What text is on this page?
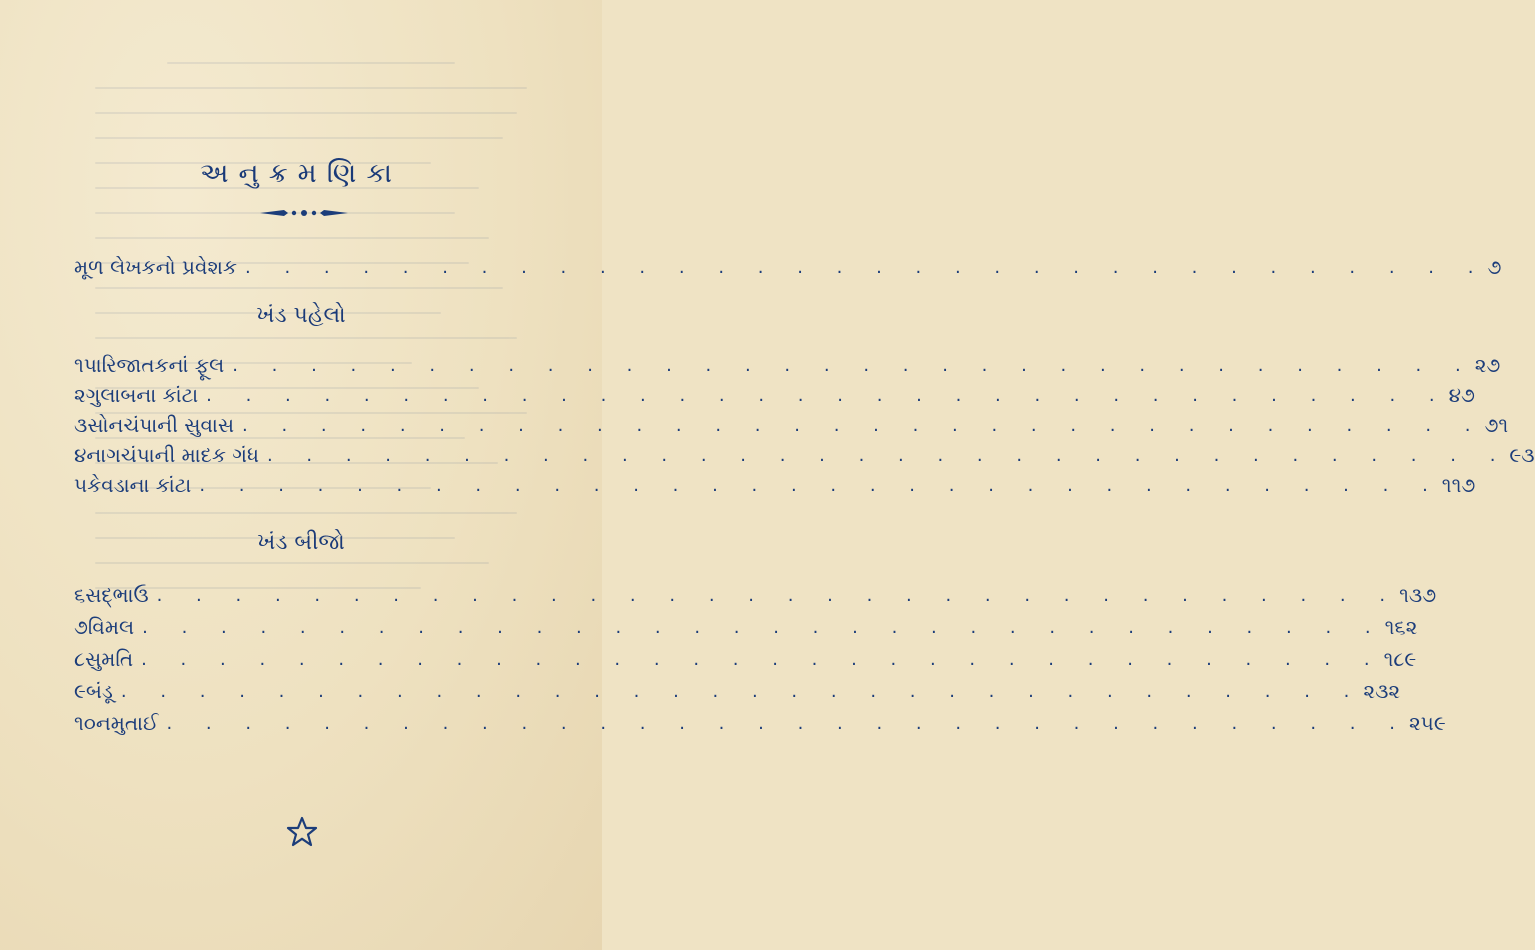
અનુક્રમણિકા
મૂળ લેખકનો પ્રવેશક . . . . . . . . . . . . . . . . . . . . . . . . . . . . . . . . ૭
ખંડ પહેલો
૧ પારિજાતકનાં ફૂલ . . . . . . . . . . . . . . . . . . . . . . . . . . . . . . . . ૨૭
૨ ગુલાબના કાંટા . . . . . . . . . . . . . . . . . . . . . . . . . . . . . . . . ૪૭
૩ સોનચંપાની સુવાસ . . . . . . . . . . . . . . . . . . . . . . . . . . . . . . . . ૭૧
૪ નાગચંપાની માદક ગંધ . . . . . . . . . . . . . . . . . . . . . . . . . . . . . . . . ૯૩
૫ કેવડાના કાંટા . . . . . . . . . . . . . . . . . . . . . . . . . . . . . . . . ૧૧૭
ખંડ બીજો
૬ સદ્ભાઉ . . . . . . . . . . . . . . . . . . . . . . . . . . . . . . . . ૧૩૭
૭ વિમલ . . . . . . . . . . . . . . . . . . . . . . . . . . . . . . . . ૧૬૨
૮ સુમતિ . . . . . . . . . . . . . . . . . . . . . . . . . . . . . . . . ૧૮૯
૯ બંડૂ . . . . . . . . . . . . . . . . . . . . . . . . . . . . . . . . ૨૩૨
૧૦ નમુતાઈ . . . . . . . . . . . . . . . . . . . . . . . . . . . . . . . . ૨૫૯
